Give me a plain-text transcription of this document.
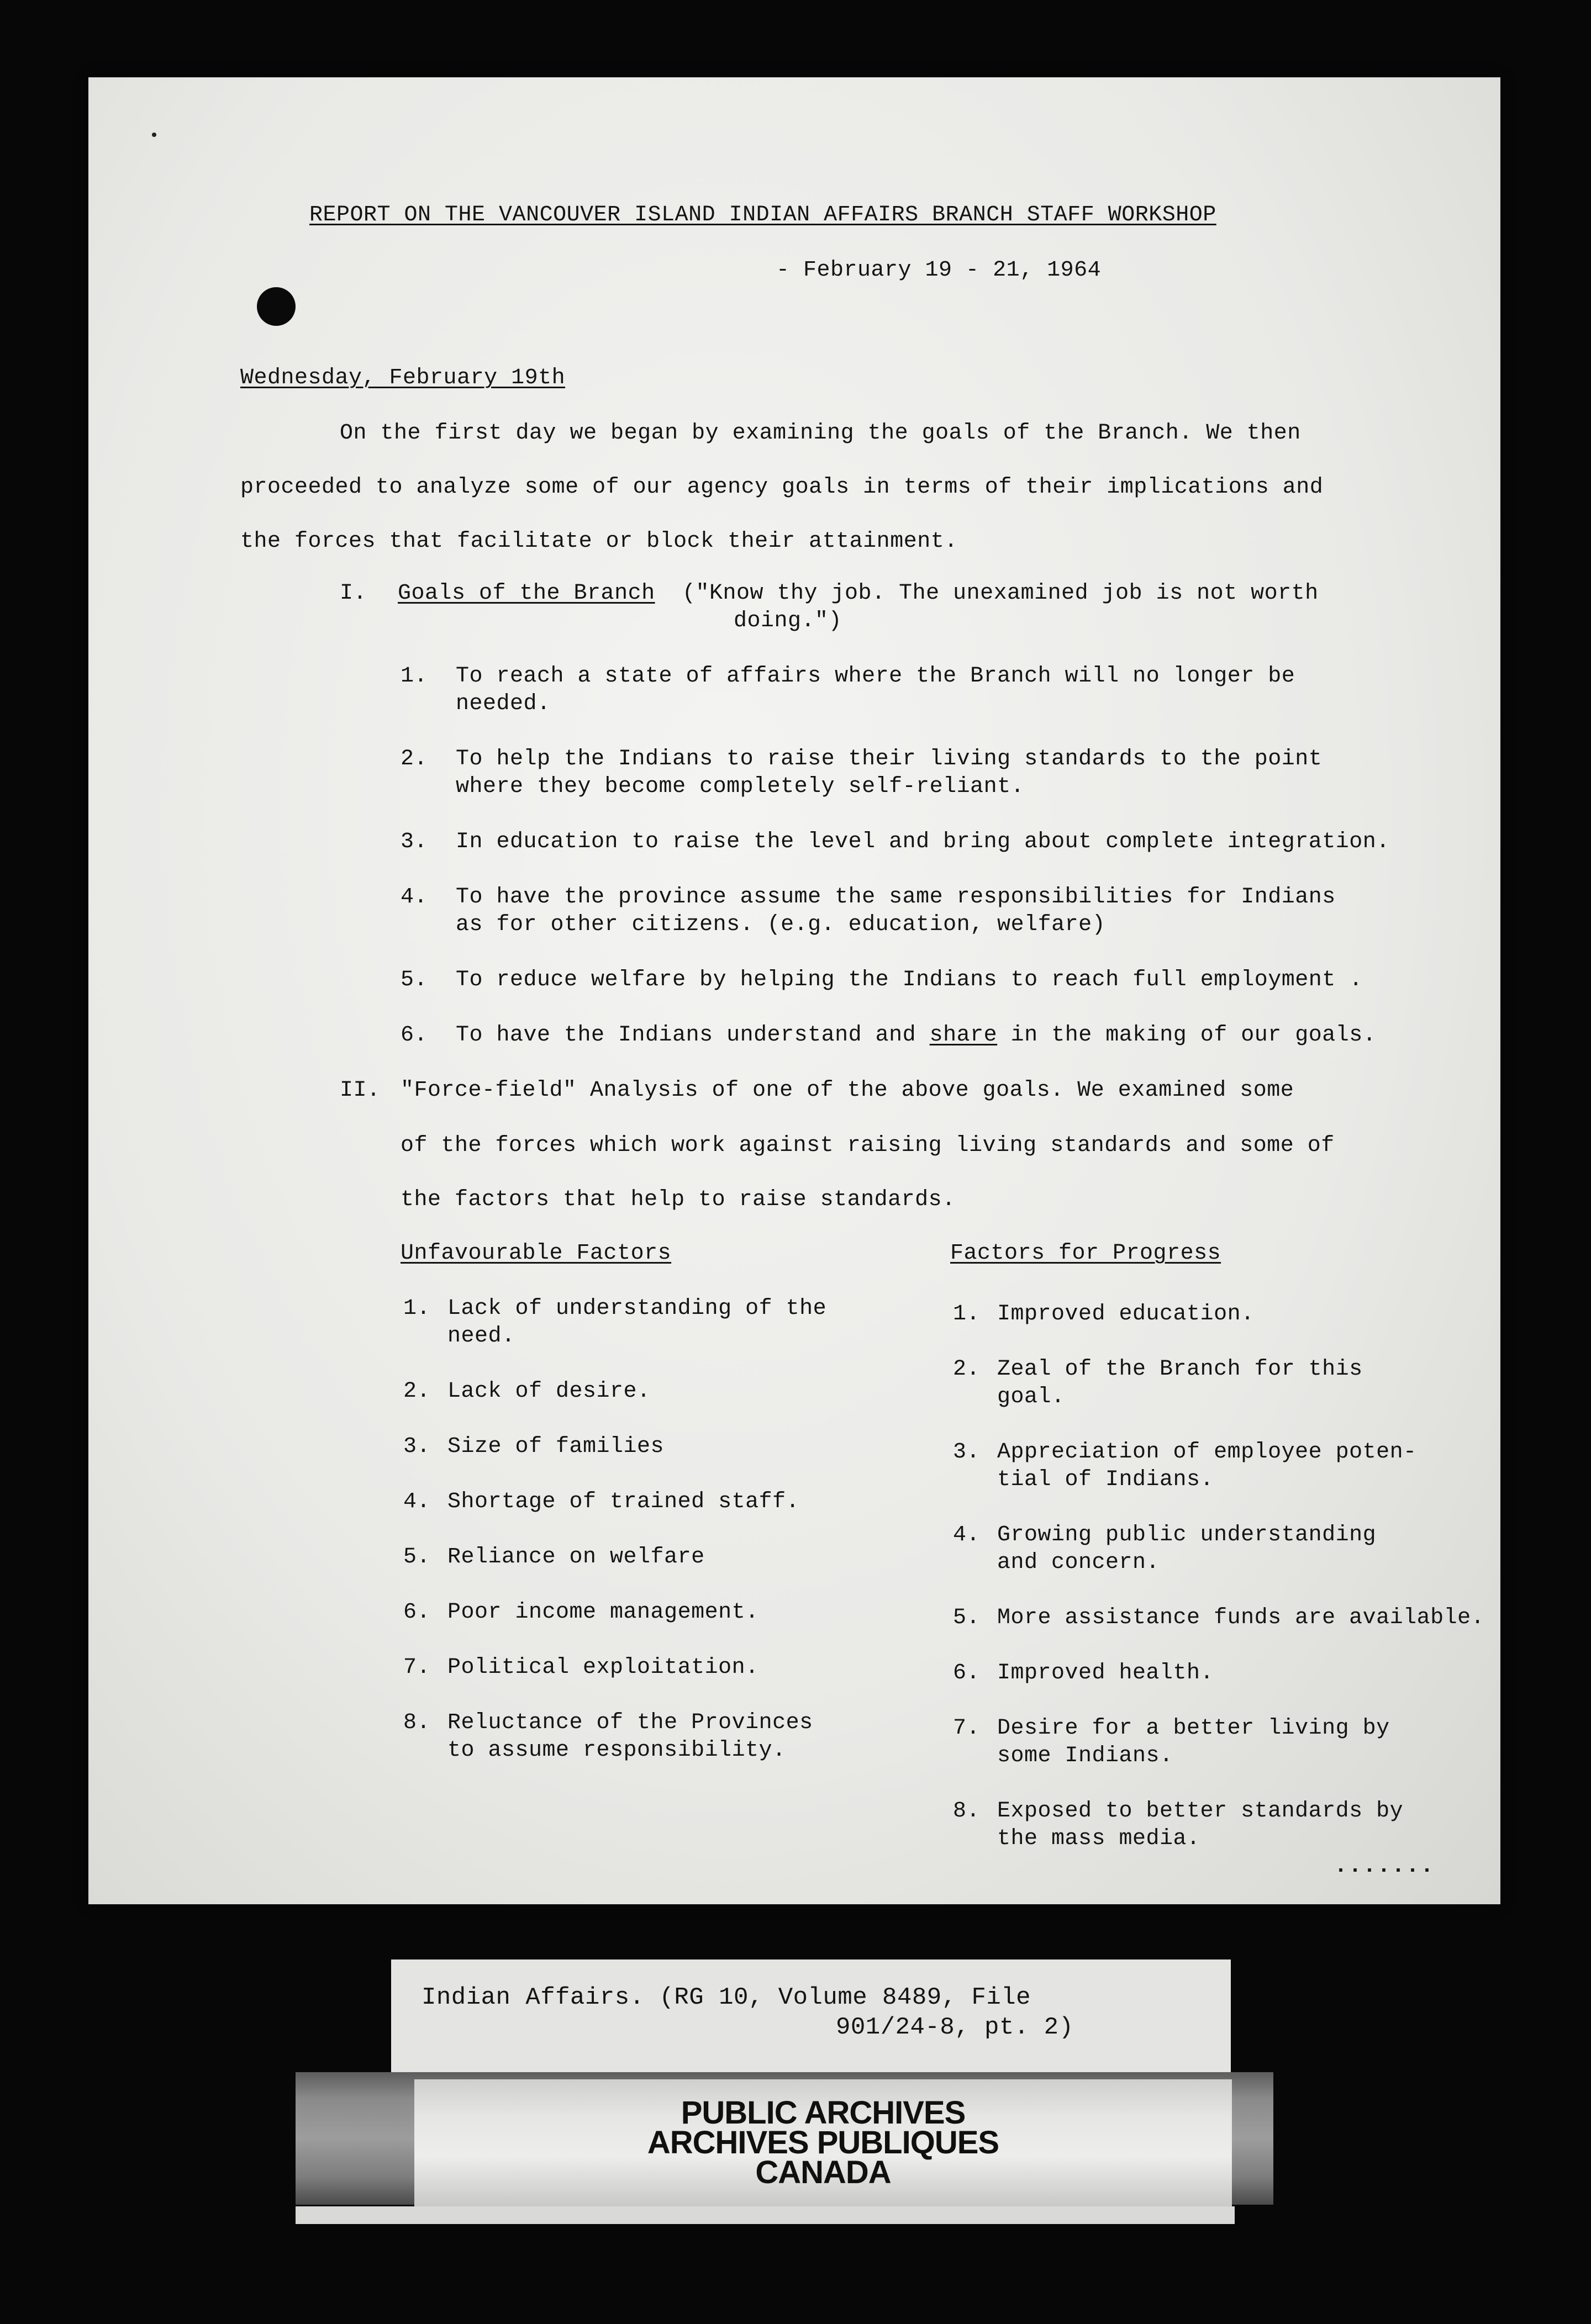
•
REPORT ON THE VANCOUVER ISLAND INDIAN AFFAIRS BRANCH STAFF WORKSHOP
- February 19 - 21, 1964
Wednesday, February 19th
On the first day we began by examining the goals of the Branch. We then
proceeded to analyze some of our agency goals in terms of their implications and
the forces that facilitate or block their attainment.
I. Goals of the Branch ("Know thy job. The unexamined job is not worth
doing.")
1. To reach a state of affairs where the Branch will no longer be
needed.
2. To help the Indians to raise their living standards to the point
where they become completely self-reliant.
3. In education to raise the level and bring about complete integration.
4. To have the province assume the same responsibilities for Indians
as for other citizens. (e.g. education, welfare)
5. To reduce welfare by helping the Indians to reach full employment .
6. To have the Indians understand and share in the making of our goals.
II. "Force-field" Analysis of one of the above goals. We examined some
of the forces which work against raising living standards and some of
the factors that help to raise standards.
Unfavourable Factors	Factors for Progress
1. Lack of understanding of the
need.
2. Lack of desire.
3. Size of families
4. Shortage of trained staff.
5. Reliance on welfare
6. Poor income management.
7. Political exploitation.
8. Reluctance of the Provinces
to assume responsibility.
1. Improved education.
2. Zeal of the Branch for this
goal.
3. Appreciation of employee poten-
tial of Indians.
4. Growing public understanding
and concern.
5. More assistance funds are available.
6. Improved health.
7. Desire for a better living by
some Indians.
8. Exposed to better standards by
the mass media.
.......
Indian Affairs. (RG 10, Volume 8489, File
901/24-8, pt. 2)
PUBLIC ARCHIVES
ARCHIVES PUBLIQUES
CANADA
